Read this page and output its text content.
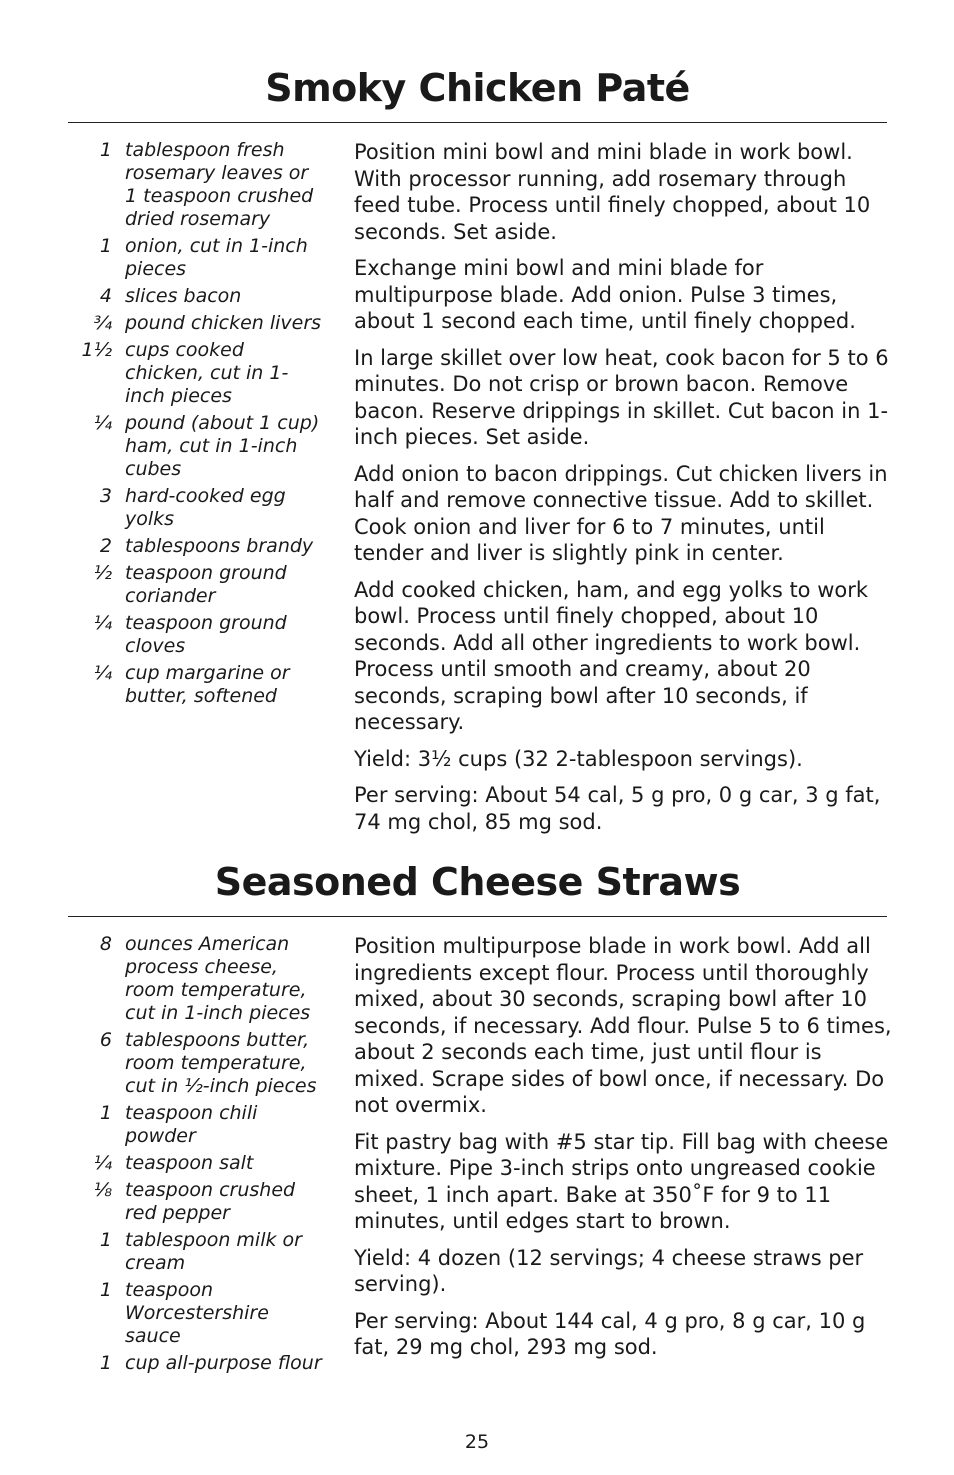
Smoky Chicken Paté
1 tablespoon fresh rosemary leaves or 1 teaspoon crushed dried rosemary
1 onion, cut in 1-inch pieces
4 slices bacon
¾ pound chicken livers
1½ cups cooked chicken, cut in 1-inch pieces
¼ pound (about 1 cup) ham, cut in 1-inch cubes
3 hard-cooked egg yolks
2 tablespoons brandy
½ teaspoon ground coriander
¼ teaspoon ground cloves
¼ cup margarine or butter, softened

Position mini bowl and mini blade in work bowl. With processor running, add rosemary through feed tube. Process until finely chopped, about 10 seconds. Set aside.

Exchange mini bowl and mini blade for multipurpose blade. Add onion. Pulse 3 times, about 1 second each time, until finely chopped.

In large skillet over low heat, cook bacon for 5 to 6 minutes. Do not crisp or brown bacon. Remove bacon. Reserve drippings in skillet. Cut bacon in 1-inch pieces. Set aside.

Add onion to bacon drippings. Cut chicken livers in half and remove connective tissue. Add to skillet. Cook onion and liver for 6 to 7 minutes, until tender and liver is slightly pink in center.

Add cooked chicken, ham, and egg yolks to work bowl. Process until finely chopped, about 10 seconds. Add all other ingredients to work bowl. Process until smooth and creamy, about 20 seconds, scraping bowl after 10 seconds, if necessary.

Yield: 3½ cups (32 2-tablespoon servings).

Per serving: About 54 cal, 5 g pro, 0 g car, 3 g fat, 74 mg chol, 85 mg sod.

Seasoned Cheese Straws
8 ounces American process cheese, room temperature, cut in 1-inch pieces
6 tablespoons butter, room temperature, cut in ½-inch pieces
1 teaspoon chili powder
¼ teaspoon salt
⅛ teaspoon crushed red pepper
1 tablespoon milk or cream
1 teaspoon Worcestershire sauce
1 cup all-purpose flour

Position multipurpose blade in work bowl. Add all ingredients except flour. Process until thoroughly mixed, about 30 seconds, scraping bowl after 10 seconds, if necessary. Add flour. Pulse 5 to 6 times, about 2 seconds each time, just until flour is mixed. Scrape sides of bowl once, if necessary. Do not overmix.

Fit pastry bag with #5 star tip. Fill bag with cheese mixture. Pipe 3-inch strips onto ungreased cookie sheet, 1 inch apart. Bake at 350˚F for 9 to 11 minutes, until edges start to brown.

Yield: 4 dozen (12 servings; 4 cheese straws per serving).

Per serving: About 144 cal, 4 g pro, 8 g car, 10 g fat, 29 mg chol, 293 mg sod.

25
